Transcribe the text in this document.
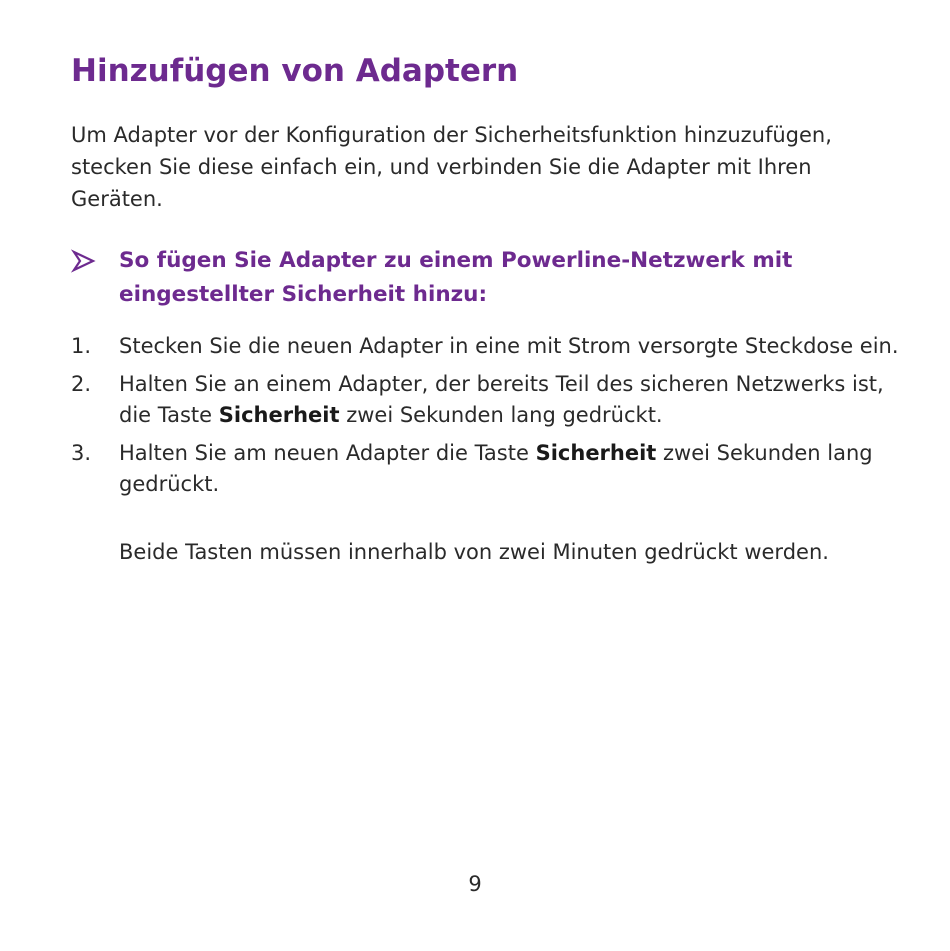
Hinzufügen von Adaptern

Um Adapter vor der Konfiguration der Sicherheitsfunktion hinzuzufügen, stecken Sie diese einfach ein, und verbinden Sie die Adapter mit Ihren Geräten.

So fügen Sie Adapter zu einem Powerline-Netzwerk mit eingestellter Sicherheit hinzu:

1. Stecken Sie die neuen Adapter in eine mit Strom versorgte Steckdose ein.
2. Halten Sie an einem Adapter, der bereits Teil des sicheren Netzwerks ist, die Taste Sicherheit zwei Sekunden lang gedrückt.
3. Halten Sie am neuen Adapter die Taste Sicherheit zwei Sekunden lang gedrückt.

Beide Tasten müssen innerhalb von zwei Minuten gedrückt werden.

9
